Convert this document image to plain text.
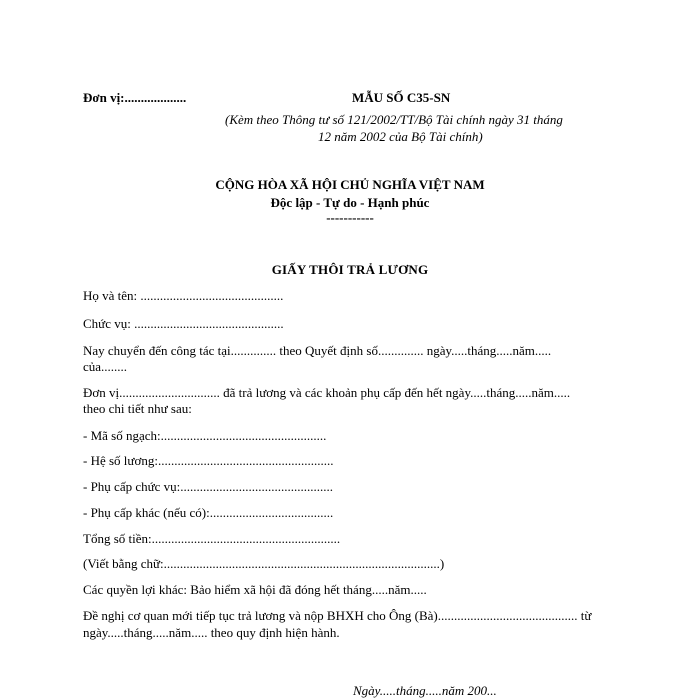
Đơn vị:...................	MẪU SỐ C35-SN
(Kèm theo Thông tư số 121/2002/TT/Bộ Tài chính ngày 31 tháng
12 năm 2002 của Bộ Tài chính)
CỘNG HÒA XÃ HỘI CHỦ NGHĨA VIỆT NAM
Độc lập - Tự do - Hạnh phúc
-----------
GIẤY THÔI TRẢ LƯƠNG
Họ và tên: ............................................
Chức vụ: ..............................................
Nay chuyển đến công tác tại.............. theo Quyết định số.............. ngày.....tháng.....năm.....
của........
Đơn vị............................... đã trả lương và các khoản phụ cấp đến hết ngày.....tháng.....năm.....
theo chi tiết như sau:
- Mã số ngạch:...................................................
- Hệ số lương:......................................................
- Phụ cấp chức vụ:...............................................
- Phụ cấp khác (nếu có):......................................
Tổng số tiền:..........................................................
(Viết bằng chữ:.....................................................................................)
Các quyền lợi khác: Bảo hiểm xã hội đã đóng hết tháng.....năm.....
Đề nghị cơ quan mới tiếp tục trả lương và nộp BHXH cho Ông (Bà)........................................... từ
ngày.....tháng.....năm..... theo quy định hiện hành.
Ngày.....tháng.....năm 200...
